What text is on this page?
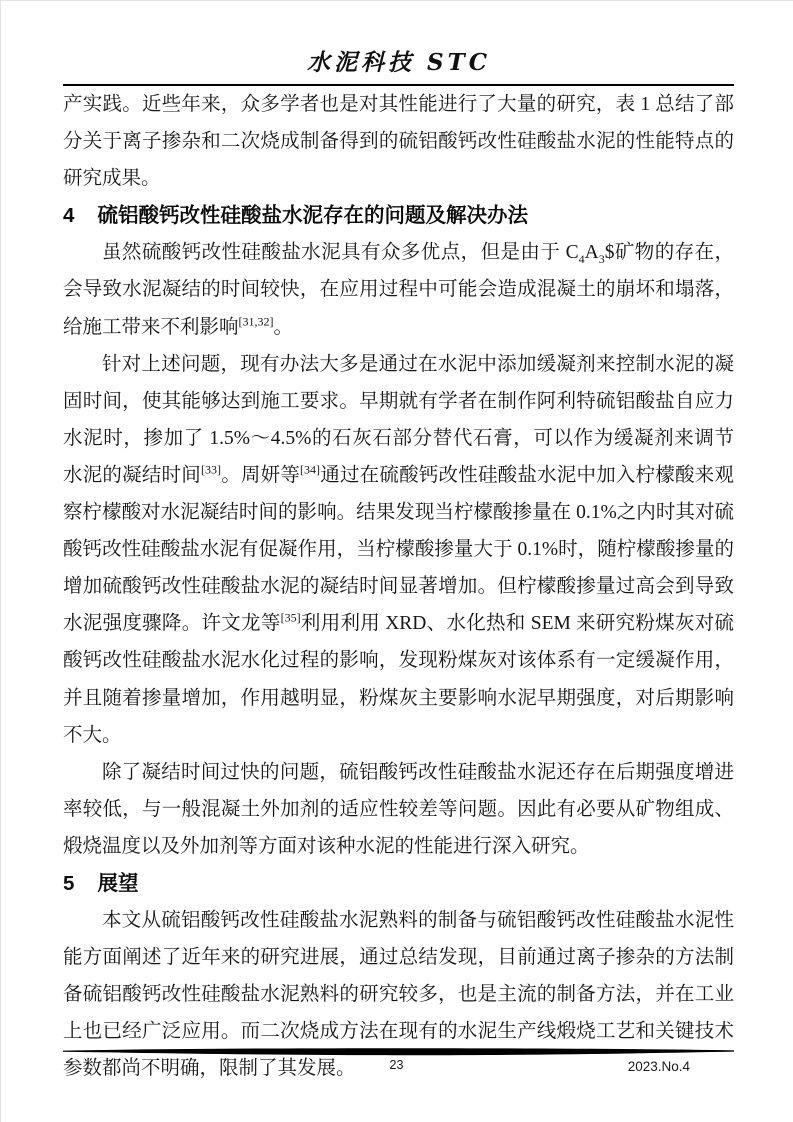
水泥科技 STC

产实践。近些年来，众多学者也是对其性能进行了大量的研究，表 1 总结了部分关于离子掺杂和二次烧成制备得到的硫铝酸钙改性硅酸盐水泥的性能特点的研究成果。

4 硫铝酸钙改性硅酸盐水泥存在的问题及解决办法

虽然硫酸钙改性硅酸盐水泥具有众多优点，但是由于 $C_4A_3\$$矿物的存在，会导致水泥凝结的时间较快，在应用过程中可能会造成混凝土的崩坏和塌落，给施工带来不利影响[31,32]。

针对上述问题，现有办法大多是通过在水泥中添加缓凝剂来控制水泥的凝固时间，使其能够达到施工要求。早期就有学者在制作阿利特硫铝酸盐自应力水泥时，掺加了 1.5%～4.5%的石灰石部分替代石膏，可以作为缓凝剂来调节水泥的凝结时间[33]。周妍等[34]通过在硫酸钙改性硅酸盐水泥中加入柠檬酸来观察柠檬酸对水泥凝结时间的影响。结果发现当柠檬酸掺量在 0.1%之内时其对硫酸钙改性硅酸盐水泥有促凝作用，当柠檬酸掺量大于 0.1%时，随柠檬酸掺量的增加硫酸钙改性硅酸盐水泥的凝结时间显著增加。但柠檬酸掺量过高会到导致水泥强度骤降。许文龙等[35]利用利用 XRD、水化热和 SEM 来研究粉煤灰对硫酸钙改性硅酸盐水泥水化过程的影响，发现粉煤灰对该体系有一定缓凝作用，并且随着掺量增加，作用越明显，粉煤灰主要影响水泥早期强度，对后期影响不大。

除了凝结时间过快的问题，硫铝酸钙改性硅酸盐水泥还存在后期强度增进率较低，与一般混凝土外加剂的适应性较差等问题。因此有必要从矿物组成、煅烧温度以及外加剂等方面对该种水泥的性能进行深入研究。

5 展望

本文从硫铝酸钙改性硅酸盐水泥熟料的制备与硫铝酸钙改性硅酸盐水泥性能方面阐述了近年来的研究进展，通过总结发现，目前通过离子掺杂的方法制备硫铝酸钙改性硅酸盐水泥熟料的研究较多，也是主流的制备方法，并在工业上也已经广泛应用。而二次烧成方法在现有的水泥生产线煅烧工艺和关键技术参数都尚不明确，限制了其发展。	23	2023.No.4
